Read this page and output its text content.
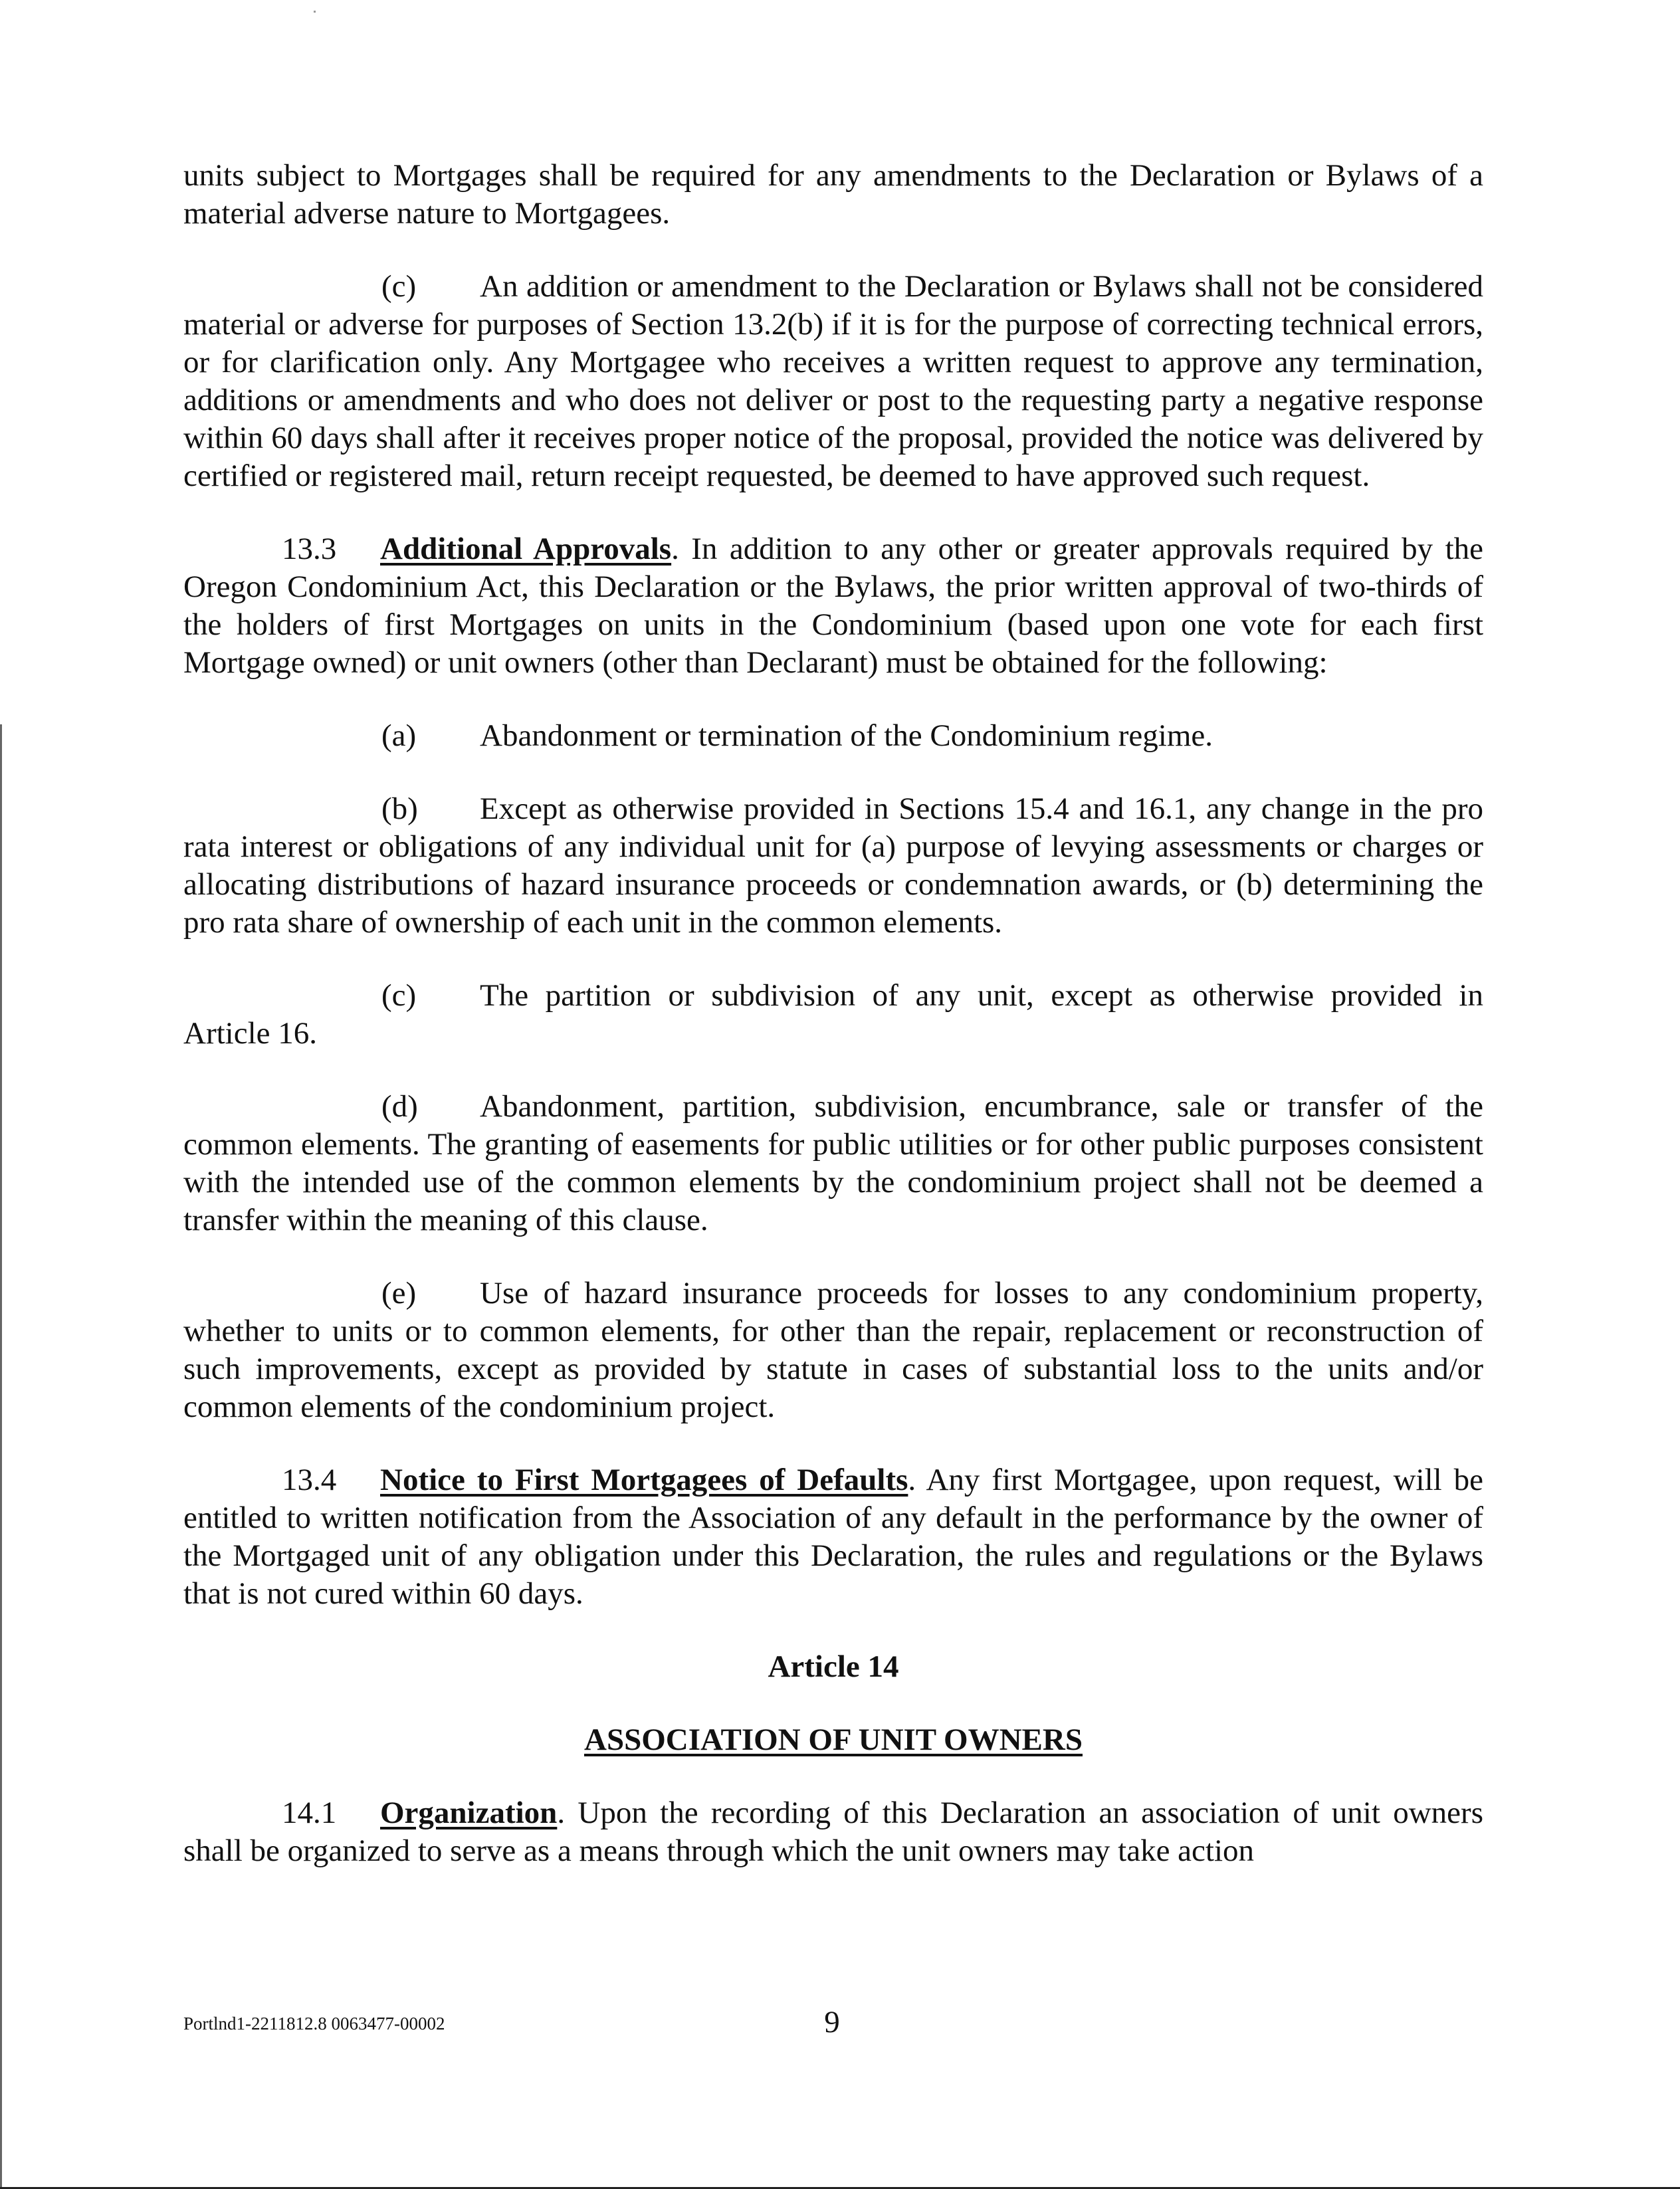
units subject to Mortgages shall be required for any amendments to the Declaration or Bylaws of a material adverse nature to Mortgagees.

(c) An addition or amendment to the Declaration or Bylaws shall not be considered material or adverse for purposes of Section 13.2(b) if it is for the purpose of correcting technical errors, or for clarification only. Any Mortgagee who receives a written request to approve any termination, additions or amendments and who does not deliver or post to the requesting party a negative response within 60 days shall after it receives proper notice of the proposal, provided the notice was delivered by certified or registered mail, return receipt requested, be deemed to have approved such request.

13.3 Additional Approvals. In addition to any other or greater approvals required by the Oregon Condominium Act, this Declaration or the Bylaws, the prior written approval of two-thirds of the holders of first Mortgages on units in the Condominium (based upon one vote for each first Mortgage owned) or unit owners (other than Declarant) must be obtained for the following:

(a) Abandonment or termination of the Condominium regime.

(b) Except as otherwise provided in Sections 15.4 and 16.1, any change in the pro rata interest or obligations of any individual unit for (a) purpose of levying assessments or charges or allocating distributions of hazard insurance proceeds or condemnation awards, or (b) determining the pro rata share of ownership of each unit in the common elements.

(c) The partition or subdivision of any unit, except as otherwise provided in
Article 16.

(d) Abandonment, partition, subdivision, encumbrance, sale or transfer of the common elements. The granting of easements for public utilities or for other public purposes consistent with the intended use of the common elements by the condominium project shall not be deemed a transfer within the meaning of this clause.

(e) Use of hazard insurance proceeds for losses to any condominium property, whether to units or to common elements, for other than the repair, replacement or reconstruction of such improvements, except as provided by statute in cases of substantial loss to the units and/or common elements of the condominium project.

13.4 Notice to First Mortgagees of Defaults. Any first Mortgagee, upon request, will be entitled to written notification from the Association of any default in the performance by the owner of the Mortgaged unit of any obligation under this Declaration, the rules and regulations or the Bylaws that is not cured within 60 days.

Article 14
ASSOCIATION OF UNIT OWNERS

14.1 Organization. Upon the recording of this Declaration an association of unit owners shall be organized to serve as a means through which the unit owners may take action

Portlnd1-2211812.8 0063477-00002	9
